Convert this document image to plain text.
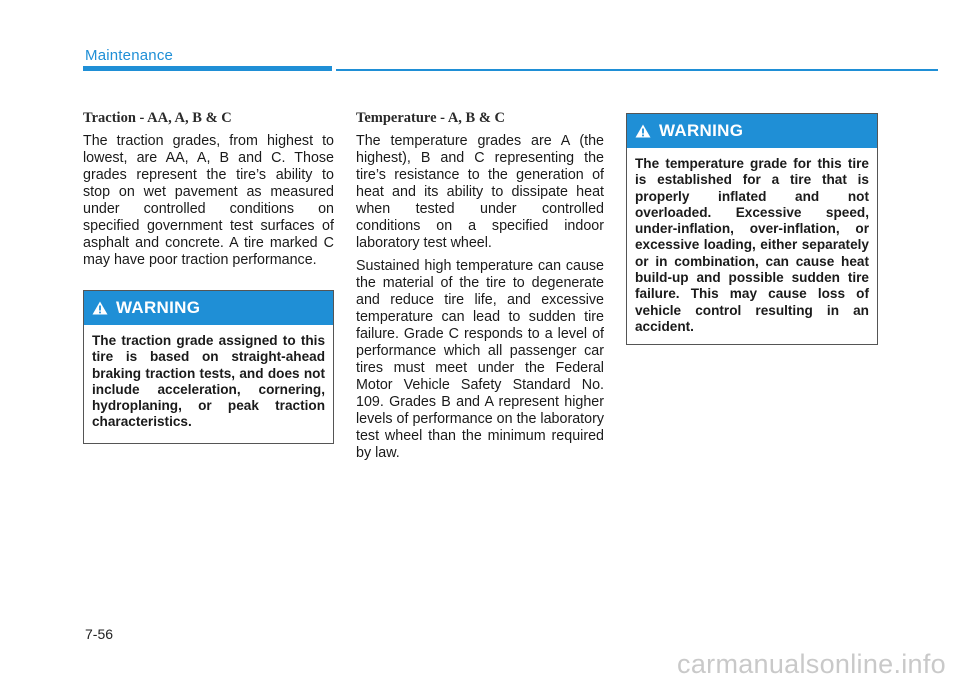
Maintenance
Traction - AA, A, B & C

The traction grades, from highest to lowest, are AA, A, B and C. Those grades represent the tire’s ability to stop on wet pavement as measured under controlled conditions on specified government test surfaces of asphalt and concrete. A tire marked C may have poor traction performance.

WARNING
The traction grade assigned to this tire is based on straight-ahead braking traction tests, and does not include acceleration, cornering, hydroplaning, or peak traction characteristics.
Temperature - A, B & C

The temperature grades are A (the highest), B and C representing the tire’s resistance to the generation of heat and its ability to dissipate heat when tested under controlled conditions on a specified indoor laboratory test wheel.

Sustained high temperature can cause the material of the tire to degenerate and reduce tire life, and excessive temperature can lead to sudden tire failure. Grade C responds to a level of performance which all passenger car tires must meet under the Federal Motor Vehicle Safety Standard No. 109. Grades B and A represent higher levels of performance on the laboratory test wheel than the minimum required by law.

WARNING
The temperature grade for this tire is established for a tire that is properly inflated and not overloaded. Excessive speed, under-inflation, over-inflation, or excessive loading, either separately or in combination, can cause heat build-up and possible sudden tire failure. This may cause loss of vehicle control resulting in an accident.
7-56
carmanualsonline.info
